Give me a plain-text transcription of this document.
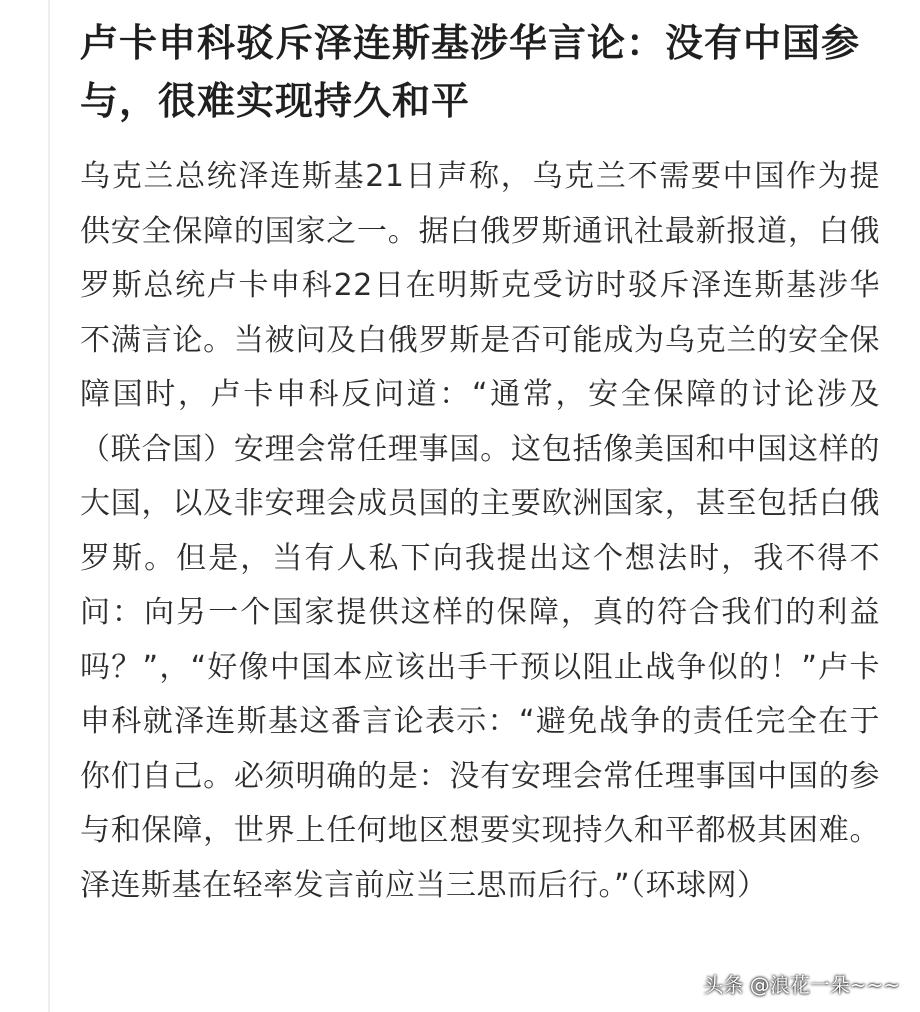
卢卡申科驳斥泽连斯基涉华言论：没有中国参与，很难实现持久和平

乌克兰总统泽连斯基21日声称，乌克兰不需要中国作为提供安全保障的国家之一。据白俄罗斯通讯社最新报道，白俄罗斯总统卢卡申科22日在明斯克受访时驳斥泽连斯基涉华不满言论。当被问及白俄罗斯是否可能成为乌克兰的安全保障国时，卢卡申科反问道：“通常，安全保障的讨论涉及（联合国）安理会常任理事国。这包括像美国和中国这样的大国，以及非安理会成员国的主要欧洲国家，甚至包括白俄罗斯。但是，当有人私下向我提出这个想法时，我不得不问：向另一个国家提供这样的保障，真的符合我们的利益吗？”，“好像中国本应该出手干预以阻止战争似的！”卢卡申科就泽连斯基这番言论表示：“避免战争的责任完全在于你们自己。必须明确的是：没有安理会常任理事国中国的参与和保障，世界上任何地区想要实现持久和平都极其困难。泽连斯基在轻率发言前应当三思而后行。”（环球网）

头条 @浪花一朵~~~
